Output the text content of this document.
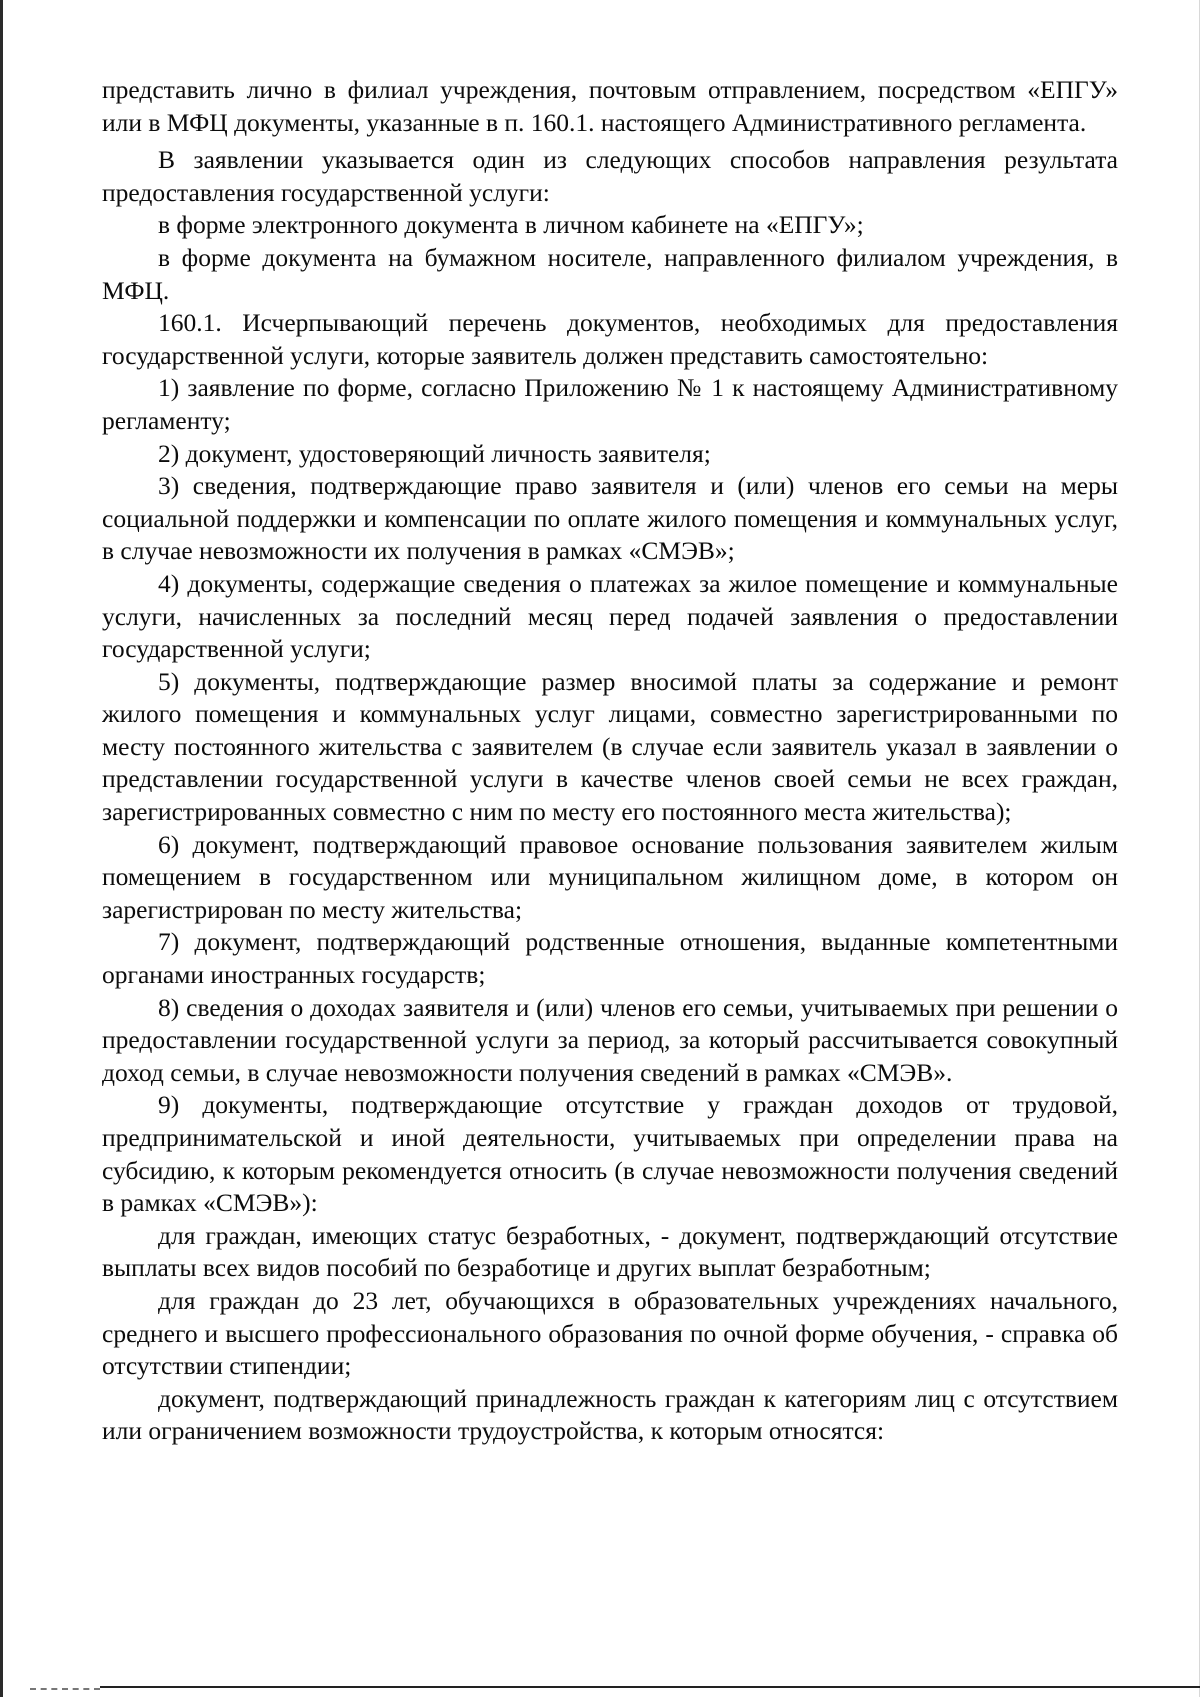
представить лично в филиал учреждения, почтовым отправлением, посредством «ЕПГУ» или в МФЦ документы, указанные в п. 160.1. настоящего Административного регламента.

В заявлении указывается один из следующих способов направления результата предоставления государственной услуги:

в форме электронного документа в личном кабинете на «ЕПГУ»;

в форме документа на бумажном носителе, направленного филиалом учреждения, в МФЦ.

160.1. Исчерпывающий перечень документов, необходимых для предоставления государственной услуги, которые заявитель должен представить самостоятельно:

1) заявление по форме, согласно Приложению № 1 к настоящему Административному регламенту;

2) документ, удостоверяющий личность заявителя;

3) сведения, подтверждающие право заявителя и (или) членов его семьи на меры социальной поддержки и компенсации по оплате жилого помещения и коммунальных услуг, в случае невозможности их получения в рамках «СМЭВ»;

4) документы, содержащие сведения о платежах за жилое помещение и коммунальные услуги, начисленных за последний месяц перед подачей заявления о предоставлении государственной услуги;

5) документы, подтверждающие размер вносимой платы за содержание и ремонт жилого помещения и коммунальных услуг лицами, совместно зарегистрированными по месту постоянного жительства с заявителем (в случае если заявитель указал в заявлении о представлении государственной услуги в качестве членов своей семьи не всех граждан, зарегистрированных совместно с ним по месту его постоянного места жительства);

6) документ, подтверждающий правовое основание пользования заявителем жилым помещением в государственном или муниципальном жилищном доме, в котором он зарегистрирован по месту жительства;

7) документ, подтверждающий родственные отношения, выданные компетентными органами иностранных государств;

8) сведения о доходах заявителя и (или) членов его семьи, учитываемых при решении о предоставлении государственной услуги за период, за который рассчитывается совокупный доход семьи, в случае невозможности получения сведений в рамках «СМЭВ».

9) документы, подтверждающие отсутствие у граждан доходов от трудовой, предпринимательской и иной деятельности, учитываемых при определении права на субсидию, к которым рекомендуется относить (в случае невозможности получения сведений в рамках «СМЭВ»):

для граждан, имеющих статус безработных, - документ, подтверждающий отсутствие выплаты всех видов пособий по безработице и других выплат безработным;

для граждан до 23 лет, обучающихся в образовательных учреждениях начального, среднего и высшего профессионального образования по очной форме обучения, - справка об отсутствии стипендии;

документ, подтверждающий принадлежность граждан к категориям лиц с отсутствием или ограничением возможности трудоустройства, к которым относятся:
